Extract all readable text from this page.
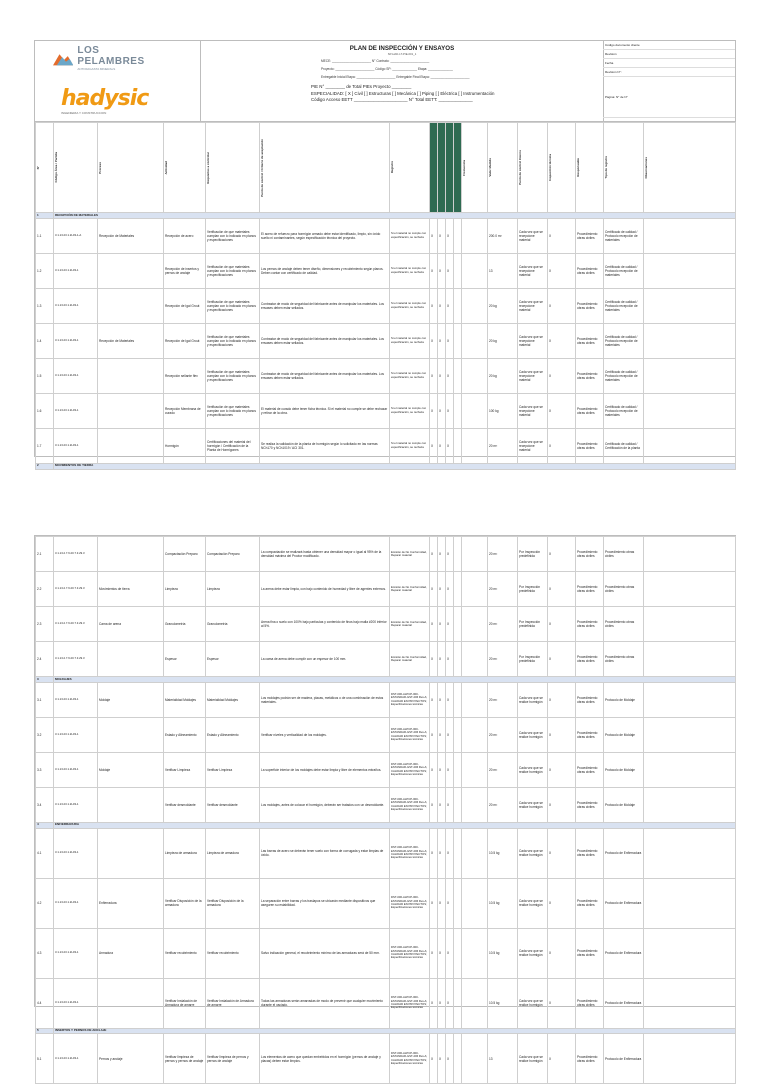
LOS PELAMBRES
ANTOFAGASTA MINERALS
hadysic
INGENIERIA Y CONSTRUCCION
PLAN DE INSPECCIÓN Y ENSAYOS
SP-HAD-LT-PIE-001_1
MECE: ______________________ N° Contrato: ______________________
Proyecto: ______________________ Código SP: ______________ Etapa: ______________
Entregable Inicial Etapa: ______________________ Entregable Final Etapa: ______________________
PIE N° ________ de Total PIEs Proyecto ________
ESPECIALIDAD: [ X ] Civil [ ] Estructuras [ ] Mecánica [ ] Piping [ ] Eléctrica [ ] Instrumentación
Código Acceso EETT ______________________ N° Total EETT: ______________
Código documento cliente
Revisión
Fecha
Revisión N°:
Página: N° de N°
N°	Código Área / Partida	Proceso	Actividad	Requisitos a controlar	Punto de control / Criterio de aceptación	Registro					Frecuencia	Valor Medido	Punto de control Interno	Inspección técnica	Responsable	Tipo de registro	Observaciones

1	RECEPCIÓN DE MATERIALES																
1.1	3.1.13.23.1.2L03-1-A	Recepción de Materiales	Recepción de acero	Verificación de que materiales cumplan con lo indicado en planos y especificaciones	El acero de refuerzo para hormigón armado debe estar identificado, limpio, sin óxido suelto ni contaminantes, según especificación técnica del proyecto.	Si el material no cumple con especificación, se rechaza	X	X	X			200.0 m³	Cada vez que se recepcione material	X	Procedimiento obras civiles	Certificado de calidad / Protocolo recepción de materiales	
1.2	3.1.13.23.1.2L03-1		Recepción de insertos y pernos de anclaje	Verificación de que materiales cumplan con lo indicado en planos y especificaciones	Los pernos de anclaje deben tener diseño, dimensiones y recubrimiento según planos. Deben contar con certificado de calidad.	Si el material no cumple con especificación, se rechaza	X	X	X			13	Cada vez que se recepcione material	X	Procedimiento obras civiles	Certificado de calidad / Protocolo recepción de materiales	
1.3	3.1.13.23.1.2L03-1		Recepción de Igal Grout	Verificación de que materiales cumplan con lo indicado en planos y especificaciones	Contrastar de modo de seguridad del fabricante antes de manipular los materiales. Los envases deben estar sellados.	Si el material no cumple con especificación, se rechaza	X	X	X			20 kg	Cada vez que se recepcione material	X	Procedimiento obras civiles	Certificado de calidad / Protocolo recepción de materiales	
1.4	3.1.13.23.1.2L03-1	Recepción de Materiales	Recepción de Igal Grout	Verificación de que materiales cumplan con lo indicado en planos y especificaciones	Contrastar de modo de seguridad del fabricante antes de manipular los materiales. Los envases deben estar sellados.	Si el material no cumple con especificación, se rechaza	X	X	X			20 kg	Cada vez que se recepcione material	X	Procedimiento obras civiles	Certificado de calidad / Protocolo recepción de materiales	
1.5	3.1.13.23.1.2L03-1		Recepción sellante flex	Verificación de que materiales cumplan con lo indicado en planos y especificaciones	Contrastar de modo de seguridad del fabricante antes de manipular los materiales. Los envases deben estar sellados.	Si el material no cumple con especificación, se rechaza	X	X	X			20 kg	Cada vez que se recepcione material	X	Procedimiento obras civiles	Certificado de calidad / Protocolo recepción de materiales	
1.6	3.1.13.23.1.2L03-1		Recepción Membrana de curado	Verificación de que materiales cumplan con lo indicado en planos y especificaciones	El material de curado debe tener ficha técnica. Si el material no cumple se debe rechazar y retirar de la obra.	Si el material no cumple con especificación, se rechaza	X	X	X			100 kg	Cada vez que se recepcione material	X	Procedimiento obras civiles	Certificado de calidad / Protocolo recepción de materiales	
1.7	3.1.13.23.1.2L03-1		Hormigón	Certificaciones del material del hormigón / Certificación de la Planta de Hormigones	Se realiza la validación de la planta de hormigón según lo solicitado en las normas NCh170 y NCh1019 / ACI 301.	Si el material no cumple con especificación, se rechaza	X	X	X			20 m³	Cada vez que se recepcione material	X	Procedimiento obras civiles	Certificado de calidad / Certificación de la planta	
2	MOVIMIENTOS DE TIERRA																
2.1	3.1.13.2.7.6.20.7.3.29.3		Compactación Preparo	Compactación Preparo	La compactación se realizará hasta obtener una densidad mayor o igual al 95% de la densidad máxima del Proctor modificado.	Emisión de No Conformidad, Reparar material	X	X	X			20 m²	Por Inspección predefinida	X	Procedimiento obras civiles	Procedimiento obras civiles	
2.2	3.1.13.2.7.6.20.7.3.29.3	Movimientos de tierra	Limpieza	Limpieza	La arena debe estar limpia, con bajo contenido de humedad y libre de agentes externos.	Emisión de No Conformidad, Reparar material	X	X	X			20 m²	Por Inspección predefinida	X	Procedimiento obras civiles	Procedimiento obras civiles	
2.3	3.1.13.2.7.6.20.7.3.29.3	Cama de arena	Granulometría	Granulometría	Arena fina o suelo con 100% bajo partículas y contenido de finos bajo malla #200 inferior al 5%.	Emisión de No Conformidad, Reparar material	X	X	X			20 m²	Por Inspección predefinida	X	Procedimiento obras civiles	Procedimiento obras civiles	
2.4	3.1.13.2.7.6.20.7.3.29.3		Espesor	Espesor	La cama de arena debe cumplir con un espesor de 100 mm.	Emisión de No Conformidad, Reparar material	X	X	X			20 m²	Por Inspección predefinida	X	Procedimiento obras civiles	Procedimiento obras civiles	
3	MOLDAJES																
3.1	3.1.13.23.1.2L03-1	Moldaje	Materialidad Moldajes	Materialidad Moldajes	Los moldajes podrán ser de madera, placas, metálicos o de una combinación de estos materiales.	DST-000-ALPCP-000-ESTANDAR-GST-206 Rev.A; CALIDAD EN PROYECTOS; Especificaciones técnicas	X	X	X			20 m²	Cada vez que se realice hormigón	X	Procedimiento obras civiles	Protocolo de Moldaje	
3.2	3.1.13.23.1.2L03-1		Estado y Alineamiento	Estado y Alineamiento	Verificar niveles y verticalidad de los moldajes.	DST-000-ALPCP-000-ESTANDAR-GST-206 Rev.A; CALIDAD EN PROYECTOS; Especificaciones técnicas	X	X	X			20 m²	Cada vez que se realice hormigón	X	Procedimiento obras civiles	Protocolo de Moldaje	
3.3	3.1.13.23.1.2L03-1	Moldaje	Verificar Limpieza	Verificar Limpieza	La superficie interior de los moldajes debe estar limpia y libre de elementos extraños.	DST-000-ALPCP-000-ESTANDAR-GST-206 Rev.A; CALIDAD EN PROYECTOS; Especificaciones técnicas	X	X	X			20 m²	Cada vez que se realice hormigón	X	Procedimiento obras civiles	Protocolo de Moldaje	
3.4	3.1.13.23.1.2L03-1		Verificar desmoldante	Verificar desmoldante	Los moldajes, antes de colocar el hormigón, deberán ser tratados con un desmoldante.	DST-000-ALPCP-000-ESTANDAR-GST-206 Rev.A; CALIDAD EN PROYECTOS; Especificaciones técnicas	X	X	X			20 m²	Cada vez que se realice hormigón	X	Procedimiento obras civiles	Protocolo de Moldaje	
4	ENFIERRADURA																
4.1	3.1.13.23.1.2L03-1		Limpieza de armadura	Limpieza de armadura	Las barras de acero se deberán tener suelo con forma de corrugada y estar limpias de óxido.	DST-000-ALPCP-000-ESTANDAR-GST-206 Rev.A; CALIDAD EN PROYECTOS; Especificaciones técnicas	X	X	X			10.5 kg	Cada vez que se realice hormigón	X	Procedimiento obras civiles	Protocolo de Enfierradura	
4.2	3.1.13.23.1.2L03-1	Enfierradura	Verificar Disposición de la armadura	Verificar Disposición de la armadura	La separación entre barras y los traslapos se ubicarán mediante dispositivos que aseguren su estabilidad.	DST-000-ALPCP-000-ESTANDAR-GST-206 Rev.A; CALIDAD EN PROYECTOS; Especificaciones técnicas	X	X	X			10.5 kg	Cada vez que se realice hormigón	X	Procedimiento obras civiles	Protocolo de Enfierradura	
4.3	3.1.13.23.1.2L03-1	Armadura	Verificar recubrimiento	Verificar recubrimiento	Salvo indicación general, el recubrimiento mínimo de las armaduras será de 50 mm.	DST-000-ALPCP-000-ESTANDAR-GST-206 Rev.A; CALIDAD EN PROYECTOS; Especificaciones técnicas	X	X	X			10.5 kg	Cada vez que se realice hormigón	X	Procedimiento obras civiles	Protocolo de Enfierradura	
4.4	3.1.13.23.1.2L03-1		Verificar Instalación de Armadura de amarre	Verificar Instalación de Armadura de amarre	Todas las armaduras serán amarradas de modo de prevenir que cualquier movimiento durante el vaciado.	DST-000-ALPCP-000-ESTANDAR-GST-206 Rev.A; CALIDAD EN PROYECTOS; Especificaciones técnicas	X	X	X			10.5 kg	Cada vez que se realice hormigón	X	Procedimiento obras civiles	Protocolo de Enfierradura	
5	INSERTOS Y PERNOS DE ANCLAJE																
5.1	3.1.13.23.1.2L03-1	Pernos y anclaje	Verificar limpieza de pernos y pernos de anclaje	Verificar limpieza de pernos y pernos de anclaje	Los elementos de acero que quedan embebidos en el hormigón (pernos de anclaje y placas) deben estar limpios.	DST-000-ALPCP-000-ESTANDAR-GST-206 Rev.A; CALIDAD EN PROYECTOS; Especificaciones técnicas	X	X	X			13	Cada vez que se realice hormigón	X	Procedimiento obras civiles	Protocolo de Enfierradura	
